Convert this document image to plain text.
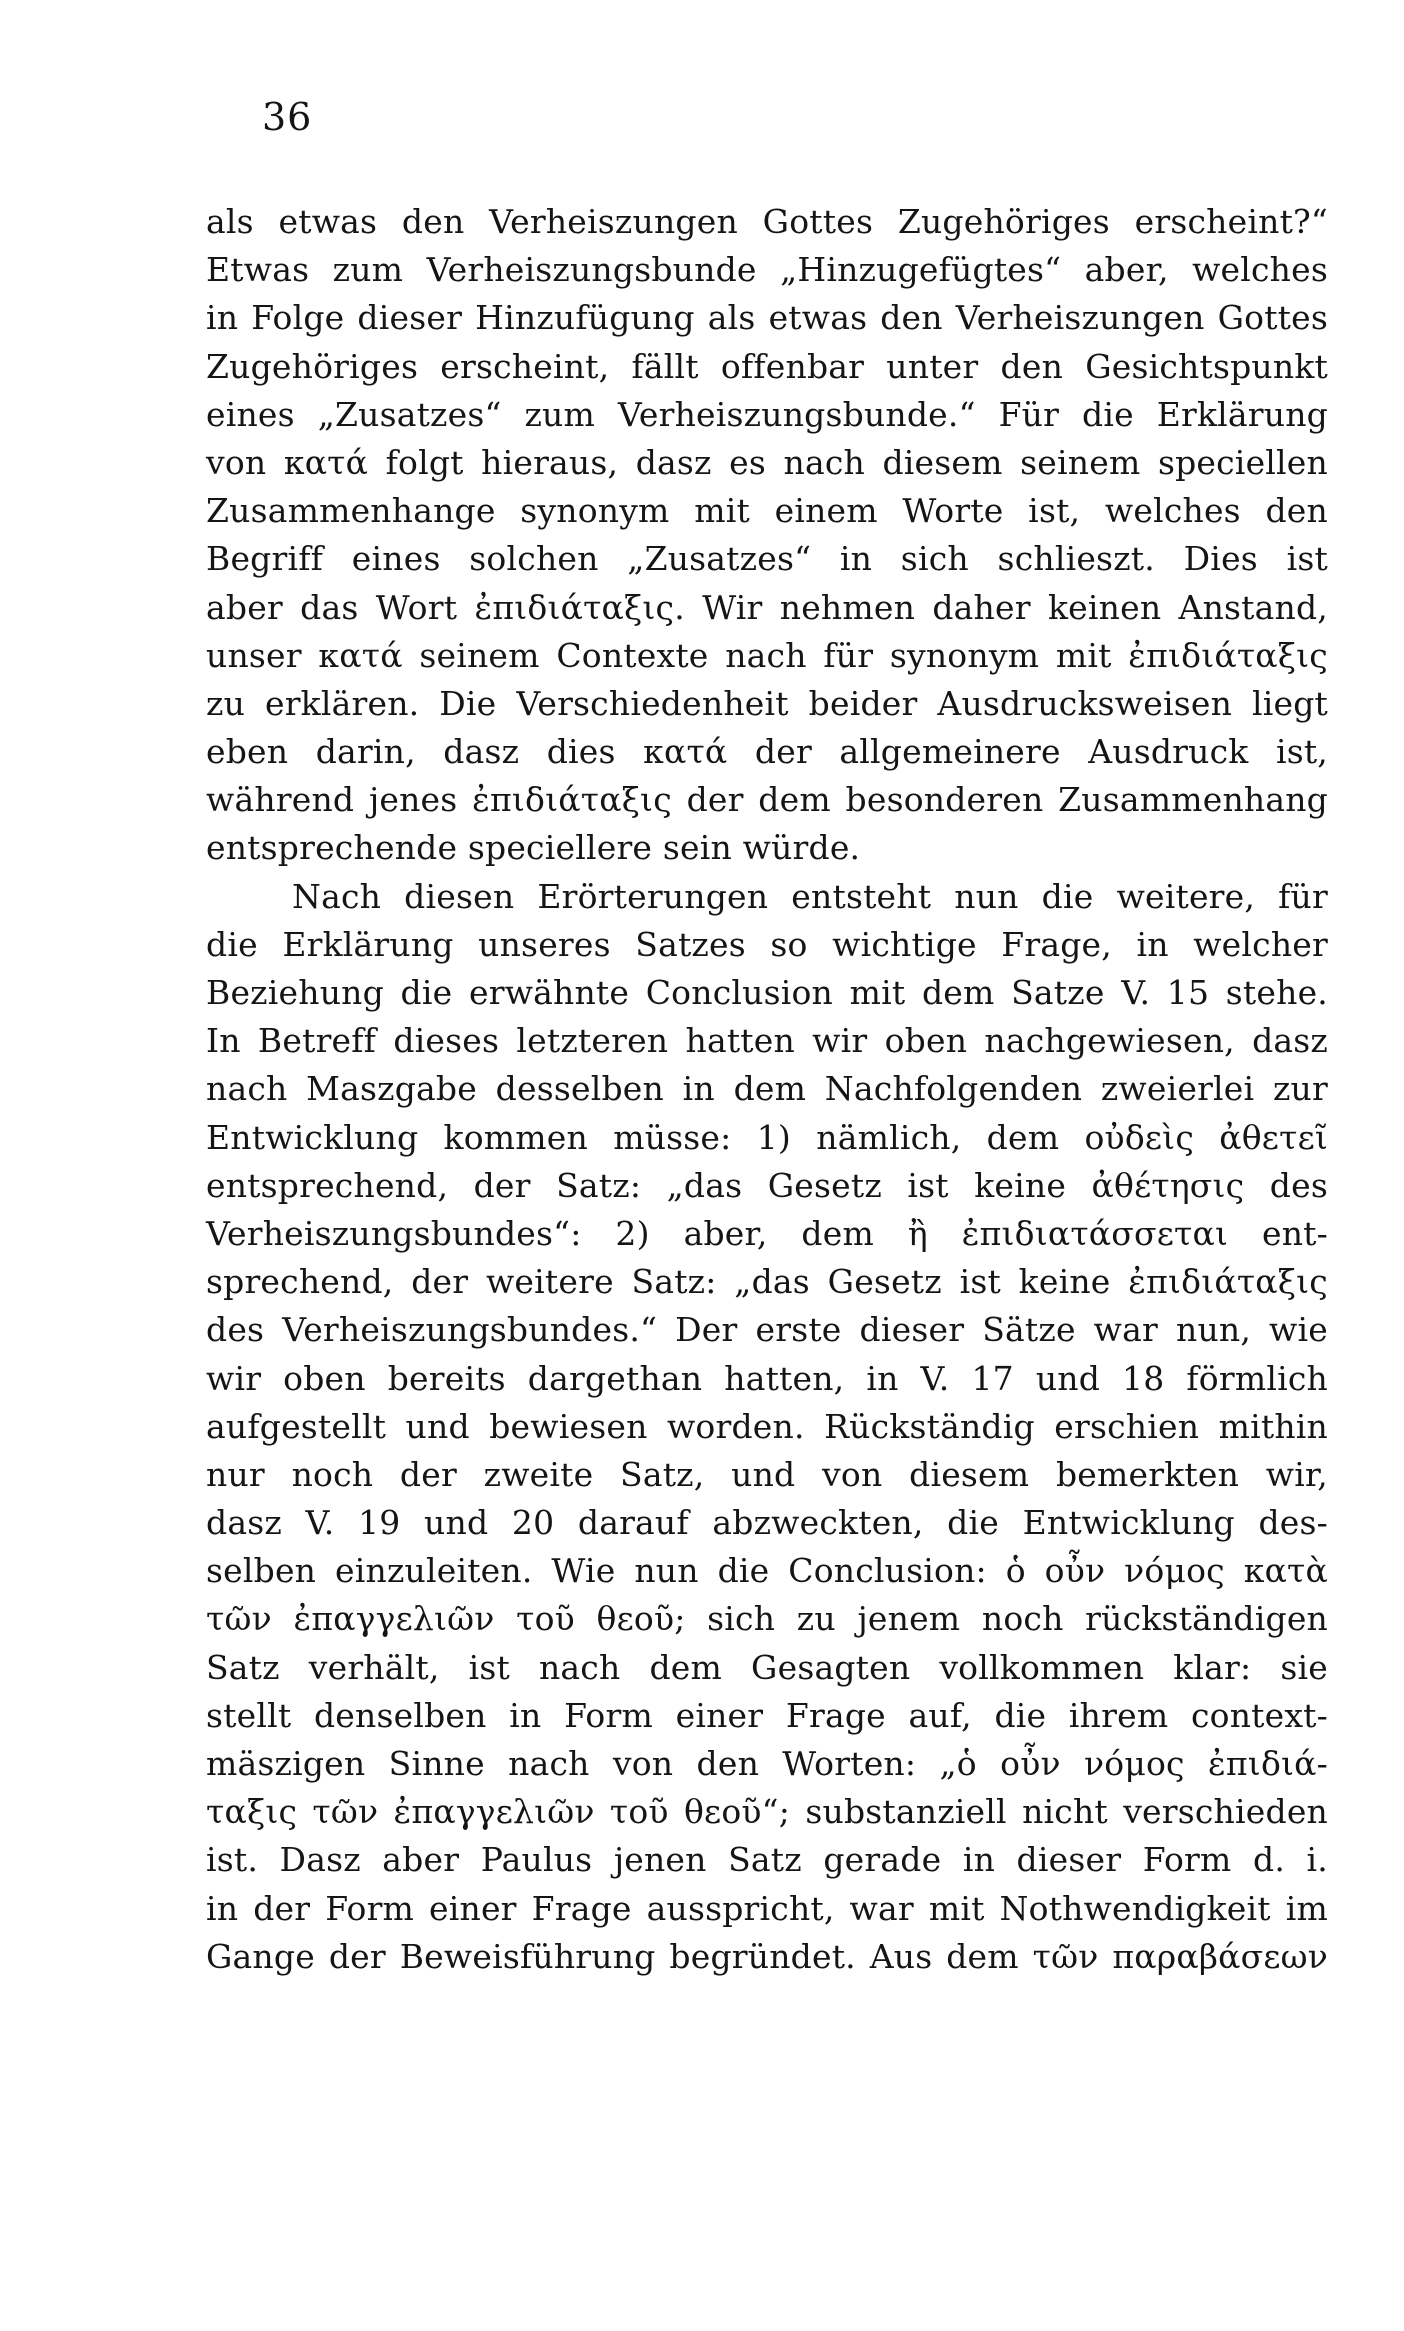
36
als etwas den Verheiszungen Gottes Zugehöriges erscheint?“
Etwas zum Verheiszungsbunde „Hinzugefügtes“ aber, welches
in Folge dieser Hinzufügung als etwas den Verheiszungen Gottes
Zugehöriges erscheint, fällt offenbar unter den Gesichtspunkt
eines „Zusatzes“ zum Verheiszungsbunde.“ Für die Erklärung
von κατά folgt hieraus, dasz es nach diesem seinem speciellen
Zusammenhange synonym mit einem Worte ist, welches den
Begriff eines solchen „Zusatzes“ in sich schlieszt. Dies ist
aber das Wort ἐπιδιάταξις. Wir nehmen daher keinen Anstand,
unser κατά seinem Contexte nach für synonym mit ἐπιδιάταξις
zu erklären. Die Verschiedenheit beider Ausdrucksweisen liegt
eben darin, dasz dies κατά der allgemeinere Ausdruck ist,
während jenes ἐπιδιάταξις der dem besonderen Zusammenhang
entsprechende speciellere sein würde.
Nach diesen Erörterungen entsteht nun die weitere, für
die Erklärung unseres Satzes so wichtige Frage, in welcher
Beziehung die erwähnte Conclusion mit dem Satze V. 15 stehe.
In Betreff dieses letzteren hatten wir oben nachgewiesen, dasz
nach Maszgabe desselben in dem Nachfolgenden zweierlei zur
Entwicklung kommen müsse: 1) nämlich, dem οὐδεὶς ἀθετεῖ
entsprechend, der Satz: „das Gesetz ist keine ἀθέτησις des
Verheiszungsbundes“: 2) aber, dem ἢ ἐπιδιατάσσεται ent-
sprechend, der weitere Satz: „das Gesetz ist keine ἐπιδιάταξις
des Verheiszungsbundes.“ Der erste dieser Sätze war nun, wie
wir oben bereits dargethan hatten, in V. 17 und 18 förmlich
aufgestellt und bewiesen worden. Rückständig erschien mithin
nur noch der zweite Satz, und von diesem bemerkten wir,
dasz V. 19 und 20 darauf abzweckten, die Entwicklung des-
selben einzuleiten. Wie nun die Conclusion: ὁ οὖν νόμος κατὰ
τῶν ἐπαγγελιῶν τοῦ θεοῦ; sich zu jenem noch rückständigen
Satz verhält, ist nach dem Gesagten vollkommen klar: sie
stellt denselben in Form einer Frage auf, die ihrem context-
mäszigen Sinne nach von den Worten: „ὁ οὖν νόμος ἐπιδιά-
ταξις τῶν ἐπαγγελιῶν τοῦ θεοῦ“; substanziell nicht verschieden
ist. Dasz aber Paulus jenen Satz gerade in dieser Form d. i.
in der Form einer Frage ausspricht, war mit Nothwendigkeit im
Gange der Beweisführung begründet. Aus dem τῶν παραβάσεων
